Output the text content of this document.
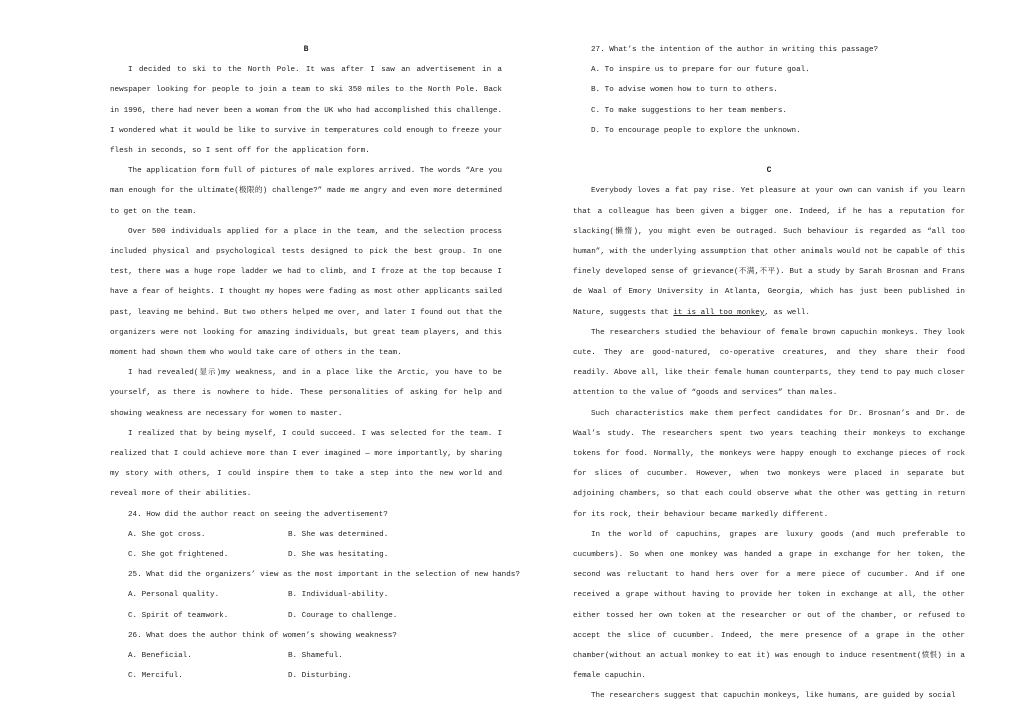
B

I decided to ski to the North Pole. It was after I saw an advertisement in a newspaper looking for people to join a team to ski 350 miles to the North Pole. Back in 1996, there had never been a woman from the UK who had accomplished this challenge. I wondered what it would be like to survive in temperatures cold enough to freeze your flesh in seconds, so I sent off for the application form.

The application form full of pictures of male explores arrived. The words “Are you man enough for the ultimate(极限的) challenge?” made me angry and even more determined to get on the team.

Over 500 individuals applied for a place in the team, and the selection process included physical and psychological tests designed to pick the best group. In one test, there was a huge rope ladder we had to climb, and I froze at the top because I have a fear of heights. I thought my hopes were fading as most other applicants sailed past, leaving me behind. But two others helped me over, and later I found out that the organizers were not looking for amazing individuals, but great team players, and this moment had shown them who would take care of others in the team.

I had revealed(显示)my weakness, and in a place like the Arctic, you have to be yourself, as there is nowhere to hide. These personalities of asking for help and showing weakness are necessary for women to master.

I realized that by being myself, I could succeed. I was selected for the team. I realized that I could achieve more than I ever imagined — more importantly, by sharing my story with others, I could inspire them to take a step into the new world and reveal more of their abilities.

24. How did the author react on seeing the advertisement?

A. She got cross.	B. She was determined.
C. She got frightened.	D. She was hesitating.

25. What did the organizers’ view as the most important in the selection of new hands?

A. Personal quality.	B. Individual-ability.
C. Spirit of teamwork.	D. Courage to challenge.

26. What does the author think of women’s showing weakness?

A. Beneficial.	B. Shameful.
C. Merciful.	D. Disturbing.

27. What’s the intention of the author in writing this passage?

A. To inspire us to prepare for our future goal.

B. To advise women how to turn to others.

C. To make suggestions to her team members.

D. To encourage people to explore the unknown.

C

Everybody loves a fat pay rise. Yet pleasure at your own can vanish if you learn that a colleague has been given a bigger one. Indeed, if he has a reputation for slacking(懒惰), you might even be outraged. Such behaviour is regarded as “all too human”, with the underlying assumption that other animals would not be capable of this finely developed sense of grievance(不满,不平). But a study by Sarah Brosnan and Frans de Waal of Emory University in Atlanta, Georgia, which has just been published in Nature, suggests that it is all too monkey, as well.

The researchers studied the behaviour of female brown capuchin monkeys. They look cute. They are good-natured, co-operative creatures, and they share their food readily. Above all, like their female human counterparts, they tend to pay much closer attention to the value of “goods and services” than males.

Such characteristics make them perfect candidates for Dr. Brosnan’s and Dr. de Waal’s study. The researchers spent two years teaching their monkeys to exchange tokens for food. Normally, the monkeys were happy enough to exchange pieces of rock for slices of cucumber. However, when two monkeys were placed in separate but adjoining chambers, so that each could observe what the other was getting in return for its rock, their behaviour became markedly different.

In the world of capuchins, grapes are luxury goods (and much preferable to cucumbers). So when one monkey was handed a grape in exchange for her token, the second was reluctant to hand hers over for a mere piece of cucumber. And if one received a grape without having to provide her token in exchange at all, the other either tossed her own token at the researcher or out of the chamber, or refused to accept the slice of cucumber. Indeed, the mere presence of a grape in the other chamber(without an actual monkey to eat it) was enough to induce resentment(愤恨) in a female capuchin.

The researchers suggest that capuchin monkeys, like humans, are guided by social
